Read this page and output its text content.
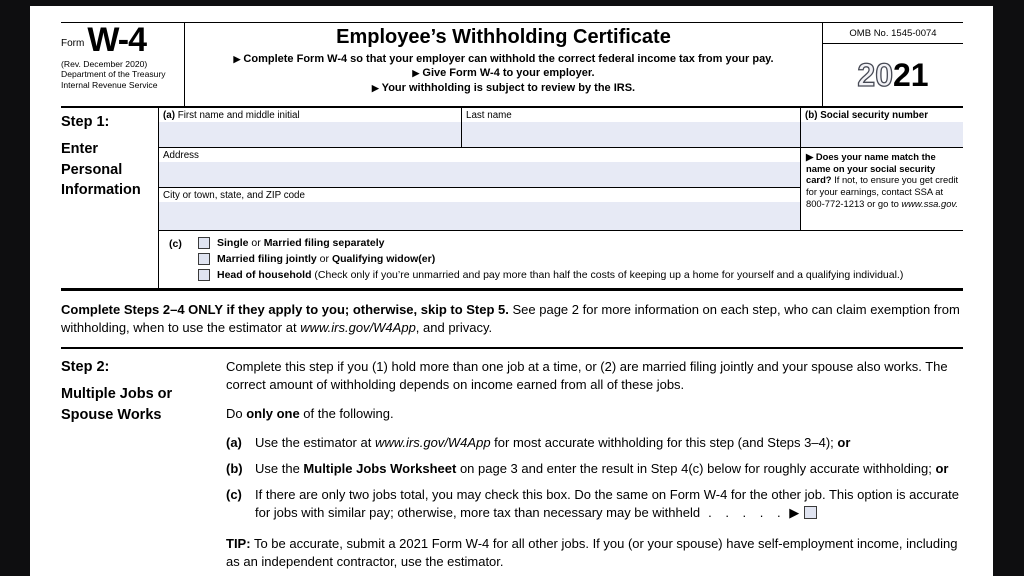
Form W-4
(Rev. December 2020)
Department of the Treasury
Internal Revenue Service
Employee’s Withholding Certificate
▶ Complete Form W-4 so that your employer can withhold the correct federal income tax from your pay.
▶ Give Form W-4 to your employer.
▶ Your withholding is subject to review by the IRS.
OMB No. 1545-0074
20 21
Step 1:
Enter Personal Information
(a) First name and middle initial	Last name
Address
City or town, state, and ZIP code
(b) Social security number
▶ Does your name match the name on your social security card? If not, to ensure you get credit for your earnings, contact SSA at 800-772-1213 or go to www.ssa.gov.
(c)	Single or Married filing separately
Married filing jointly or Qualifying widow(er)
Head of household (Check only if you’re unmarried and pay more than half the costs of keeping up a home for yourself and a qualifying individual.)
Complete Steps 2–4 ONLY if they apply to you; otherwise, skip to Step 5. See page 2 for more information on each step, who can claim exemption from withholding, when to use the estimator at www.irs.gov/W4App, and privacy.
Step 2:
Multiple Jobs or Spouse Works
Complete this step if you (1) hold more than one job at a time, or (2) are married filing jointly and your spouse also works. The correct amount of withholding depends on income earned from all of these jobs.
Do only one of the following.
(a)	Use the estimator at www.irs.gov/W4App for most accurate withholding for this step (and Steps 3–4); or
(b) Use the Multiple Jobs Worksheet on page 3 and enter the result in Step 4(c) below for roughly accurate withholding; or
(c)	If there are only two jobs total, you may check this box. Do the same on Form W-4 for the other job. This option is accurate for jobs with similar pay; otherwise, more tax than necessary may be withheld . . . . . ▶
TIP: To be accurate, submit a 2021 Form W-4 for all other jobs. If you (or your spouse) have self-employment income, including as an independent contractor, use the estimator.
